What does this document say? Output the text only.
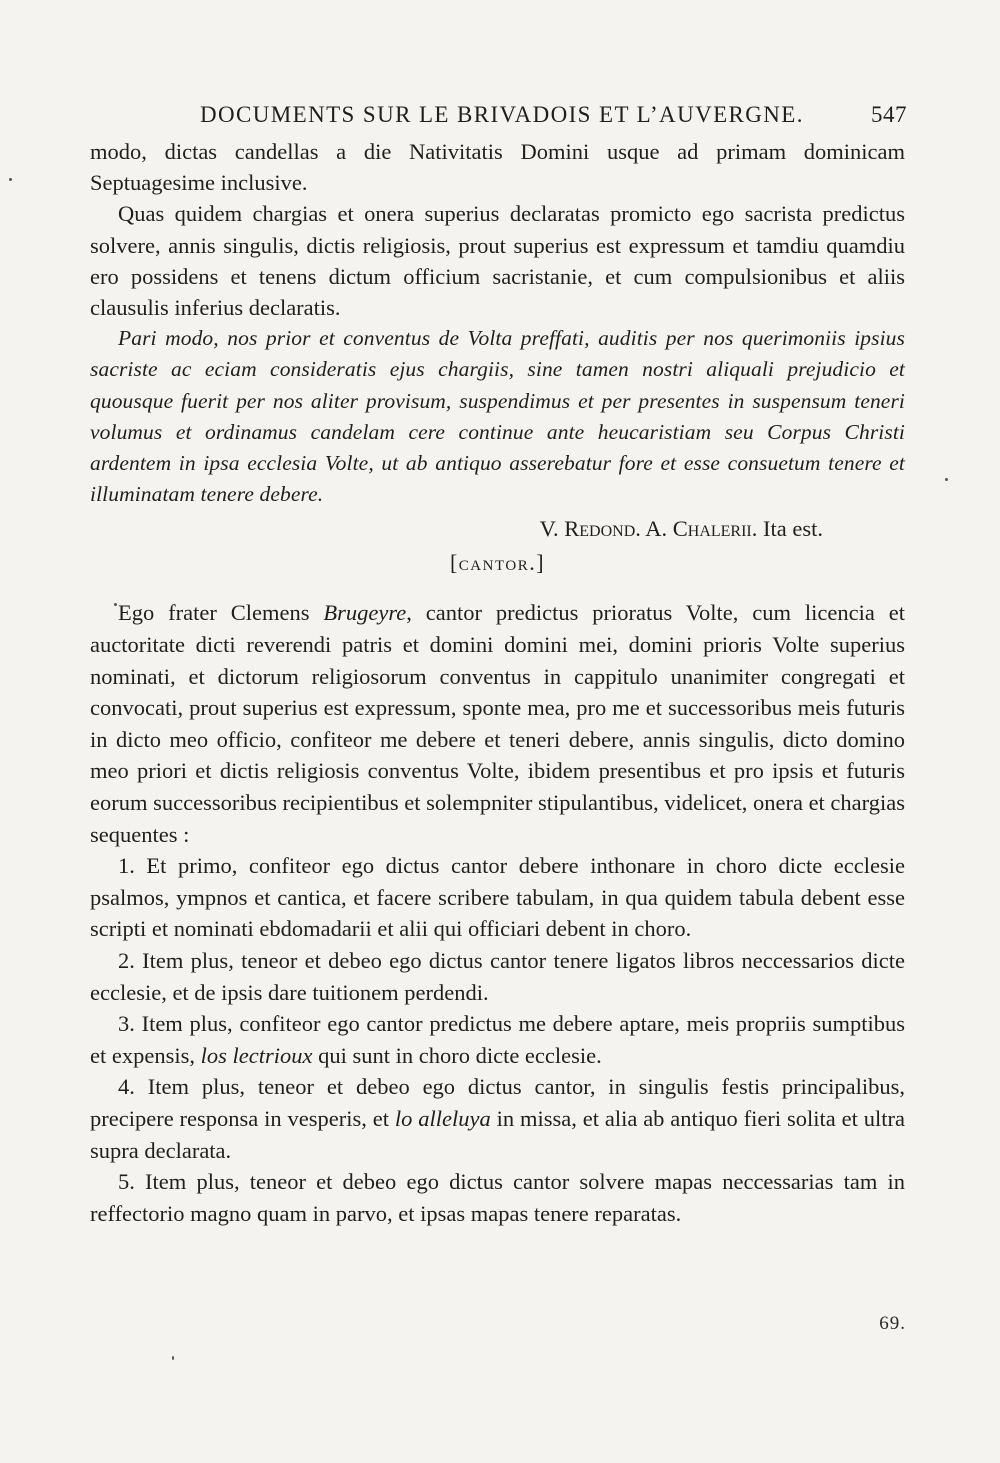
DOCUMENTS SUR LE BRIVADOIS ET L’AUVERGNE.	547

modo, dictas candellas a die Nativitatis Domini usque ad primam dominicam Septuagesime inclusive.

Quas quidem chargias et onera superius declaratas promicto ego sacrista predictus solvere, annis singulis, dictis religiosis, prout superius est expressum et tamdiu quamdiu ero possidens et tenens dictum officium sacristanie, et cum compulsionibus et aliis clausulis inferius declaratis.

Pari modo, nos prior et conventus de Volta preffati, auditis per nos querimoniis ipsius sacriste ac eciam consideratis ejus chargiis, sine tamen nostri aliquali prejudicio et quousque fuerit per nos aliter provisum, suspendimus et per presentes in suspensum teneri volumus et ordinamus candelam cere continue ante heucaristiam seu Corpus Christi ardentem in ipsa ecclesia Volte, ut ab antiquo asserebatur fore et esse consuetum tenere et illuminatam tenere debere.

V. Redond. A. Chalerii. Ita est.
[CANTOR.]

Ego frater Clemens Brugeyre, cantor predictus prioratus Volte, cum licencia et auctoritate dicti reverendi patris et domini domini mei, domini prioris Volte superius nominati, et dictorum religiosorum conventus in cappitulo unanimiter congregati et convocati, prout superius est expressum, sponte mea, pro me et successoribus meis futuris in dicto meo officio, confiteor me debere et teneri debere, annis singulis, dicto domino meo priori et dictis religiosis conventus Volte, ibidem presentibus et pro ipsis et futuris eorum successoribus recipientibus et solempniter stipulantibus, videlicet, onera et chargias sequentes :

1. Et primo, confiteor ego dictus cantor debere inthonare in choro dicte ecclesie psalmos, ympnos et cantica, et facere scribere tabulam, in qua quidem tabula debent esse scripti et nominati ebdomadarii et alii qui officiari debent in choro.

2. Item plus, teneor et debeo ego dictus cantor tenere ligatos libros neccessarios dicte ecclesie, et de ipsis dare tuitionem perdendi.

3. Item plus, confiteor ego cantor predictus me debere aptare, meis propriis sumptibus et expensis, los lectrioux qui sunt in choro dicte ecclesie.

4. Item plus, teneor et debeo ego dictus cantor, in singulis festis principalibus, precipere responsa in vesperis, et lo alleluya in missa, et alia ab antiquo fieri solita et ultra supra declarata.

5. Item plus, teneor et debeo ego dictus cantor solvere mapas neccessarias tam in reffectorio magno quam in parvo, et ipsas mapas tenere reparatas.

69.
